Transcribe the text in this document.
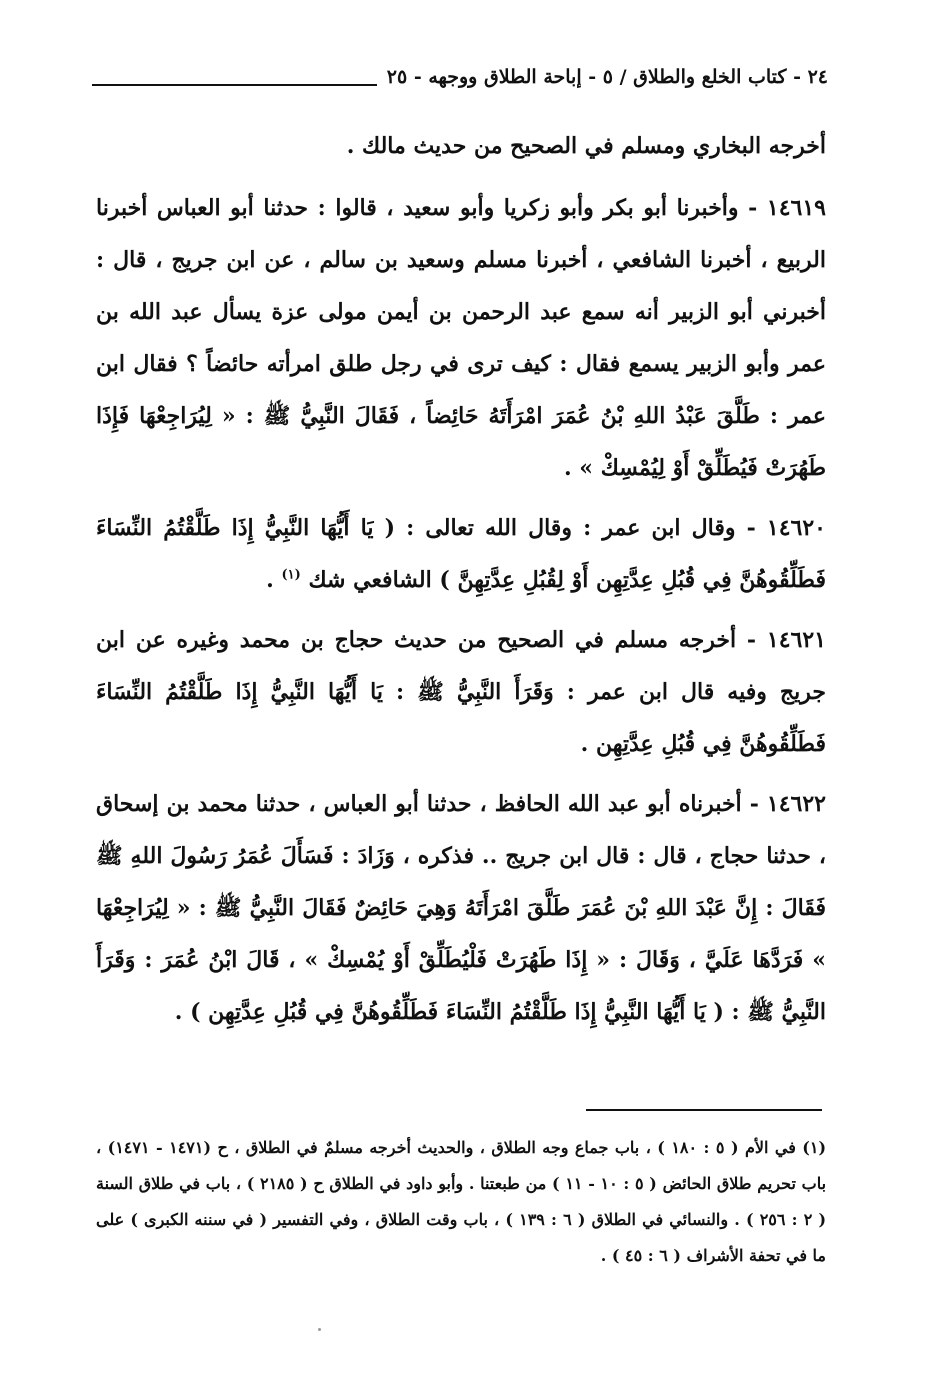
٢٤ - كتاب الخلع والطلاق / ٥ - إباحة الطلاق ووجهه - ٢٥

أخرجه البخاري ومسلم في الصحيح من حديث مالك .

١٤٦١٩ - وأخبرنا أبو بكر وأبو زكريا وأبو سعيد ، قالوا : حدثنا أبو العباس أخبرنا الربيع ، أخبرنا الشافعي ، أخبرنا مسلم وسعيد بن سالم ، عن ابن جريج ، قال : أخبرني أبو الزبير أنه سمع عبد الرحمن بن أيمن مولى عزة يسأل عبد الله بن عمر وأبو الزبير يسمع فقال : كيف ترى في رجل طلق امرأته حائضاً ؟ فقال ابن عمر : طَلَّقَ عَبْدُ اللهِ بْنُ عُمَرَ امْرَأَتَهُ حَائِضاً ، فَقَالَ النَّبِيُّ ﷺ : « لِيُرَاجِعْهَا فَإِذَا طَهُرَتْ فَيُطَلِّقْ أَوْ لِيُمْسِكْ » .

١٤٦٢٠ - وقال ابن عمر : وقال الله تعالى : ( يَا أَيُّهَا النَّبِيُّ إِذَا طَلَّقْتُمُ النِّسَاءَ فَطَلِّقُوهُنَّ فِي قُبُلِ عِدَّتِهِن أَوْ لِقُبُلِ عِدَّتِهِنَّ ) الشافعي شك $^{(١)}$ .

١٤٦٢١ - أخرجه مسلم في الصحيح من حديث حجاج بن محمد وغيره عن ابن جريج وفيه قال ابن عمر : وَقَرَأَ النَّبِيُّ ﷺ : يَا أَيُّهَا النَّبِيُّ إِذَا طَلَّقْتُمُ النِّسَاءَ فَطَلِّقُوهُنَّ فِي قُبُلِ عِدَّتِهِن .

١٤٦٢٢ - أخبرناه أبو عبد الله الحافظ ، حدثنا أبو العباس ، حدثنا محمد بن إسحاق ، حدثنا حجاج ، قال : قال ابن جريج .. فذكره ، وَزَادَ : فَسَأَلَ عُمَرُ رَسُولَ اللهِ ﷺ فَقَالَ : إِنَّ عَبْدَ اللهِ بْنَ عُمَرَ طَلَّقَ امْرَأَتَهُ وَهِيَ حَائِضٌ فَقَالَ النَّبِيُّ ﷺ : « لِيُرَاجِعْهَا » فَرَدَّهَا عَلَيَّ ، وَقَالَ : « إِذَا طَهُرَتْ فَلْيُطَلِّقْ أَوْ يُمْسِكْ » ، قَالَ ابْنُ عُمَرَ : وَقَرَأَ النَّبِيُّ ﷺ : ( يَا أَيُّهَا النَّبِيُّ إِذَا طَلَّقْتُمُ النِّسَاءَ فَطَلِّقُوهُنَّ فِي قُبُلِ عِدَّتِهِن ) .

(١) في الأم ( ٥ : ١٨٠ ) ، باب جماع وجه الطلاق ، والحديث أخرجه مسلمٌ في الطلاق ، ح (١٤٧١ - ١٤٧١) ، باب تحريم طلاق الحائض ( ٥ : ١٠ - ١١ ) من طبعتنا . وأبو داود في الطلاق ح ( ٢١٨٥ ) ، باب في طلاق السنة ( ٢ : ٢٥٦ ) . والنسائي في الطلاق ( ٦ : ١٣٩ ) ، باب وقت الطلاق ، وفي التفسير ( في سننه الكبرى ) على ما في تحفة الأشراف ( ٦ : ٤٥ ) .
